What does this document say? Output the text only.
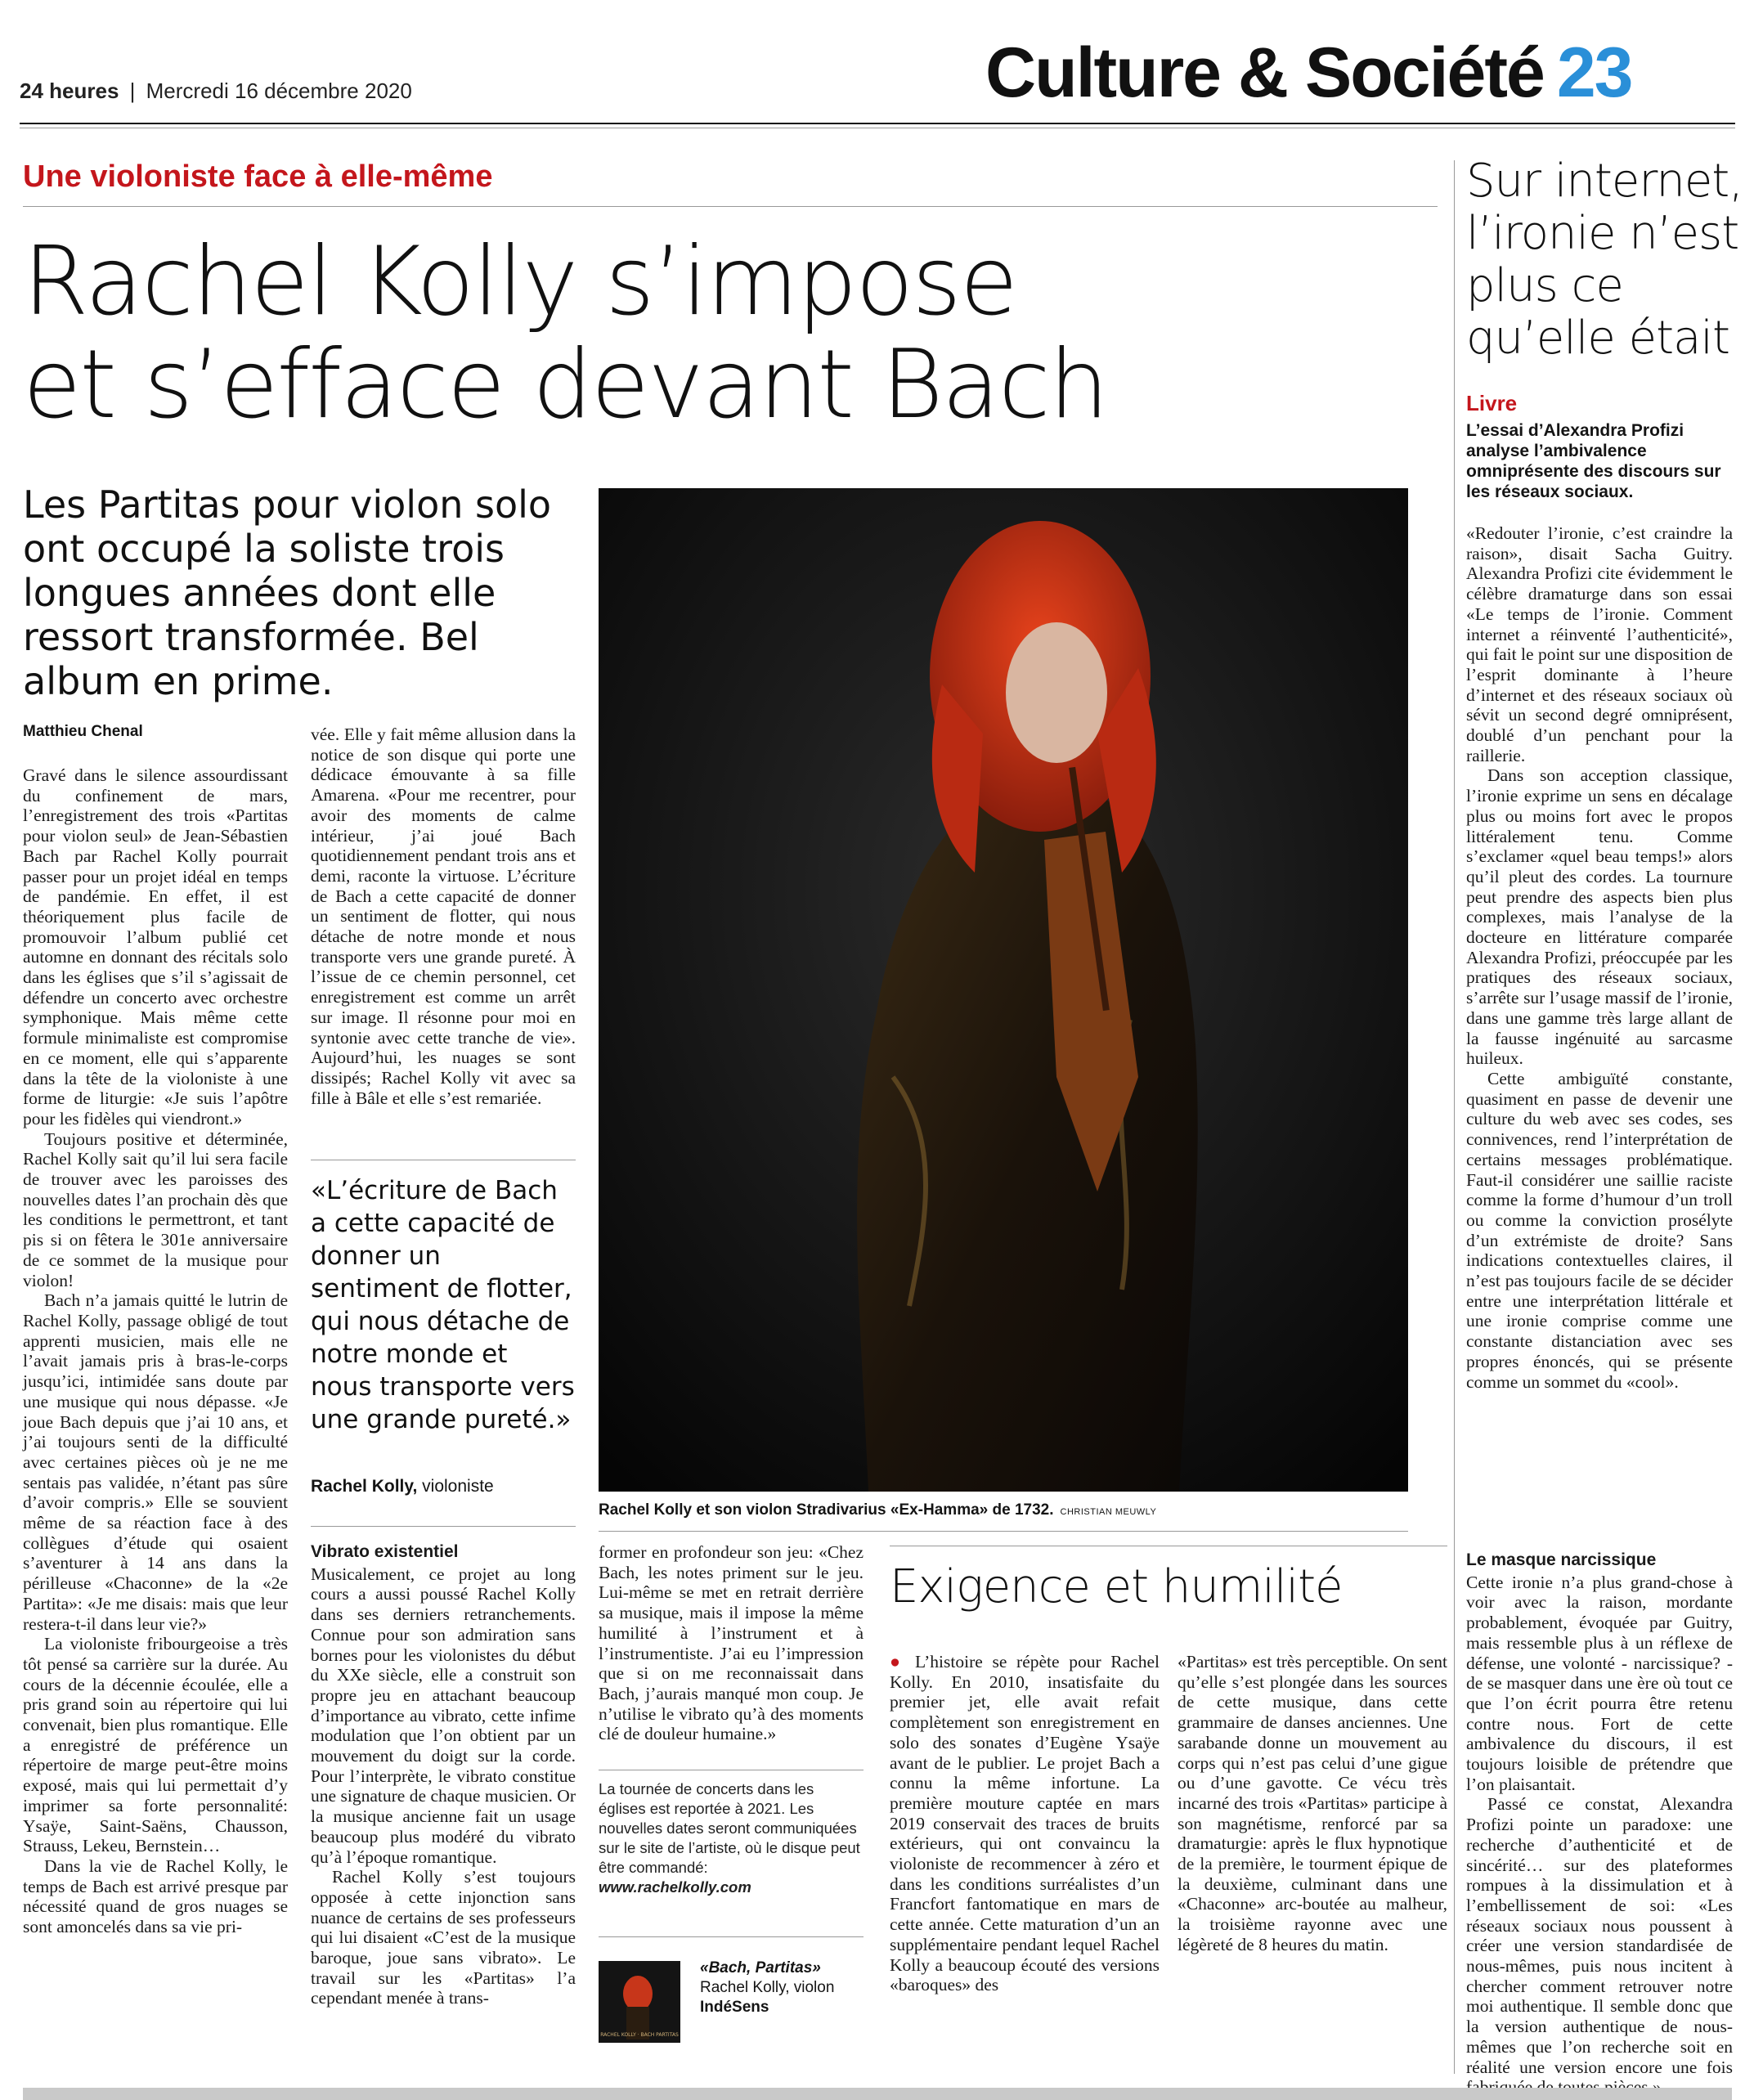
24 heures | Mercredi 16 décembre 2020	Culture & Société 23
Une violoniste face à elle-même
Rachel Kolly s’impose
et s’efface devant Bach
Les Partitas pour violon solo ont occupé la soliste trois longues années dont elle ressort transformée. Bel album en prime.
Matthieu Chenal

Gravé dans le silence assourdissant du confinement de mars, l’enregistrement des trois «Partitas pour violon seul» de Jean-Sébastien Bach par Rachel Kolly pourrait passer pour un projet idéal en temps de pandémie. En effet, il est théoriquement plus facile de promouvoir l’album publié cet automne en donnant des récitals solo dans les églises que s’il s’agissait de défendre un concerto avec orchestre symphonique. Mais même cette formule minimaliste est compromise en ce moment, elle qui s’apparente dans la tête de la violoniste à une forme de liturgie: «Je suis l’apôtre pour les fidèles qui viendront.»

Toujours positive et déterminée, Rachel Kolly sait qu’il lui sera facile de trouver avec les paroisses des nouvelles dates l’an prochain dès que les conditions le permettront, et tant pis si on fêtera le 301e anniversaire de ce sommet de la musique pour violon!

Bach n’a jamais quitté le lutrin de Rachel Kolly, passage obligé de tout apprenti musicien, mais elle ne l’avait jamais pris à bras-le-corps jusqu’ici, intimidée sans doute par une musique qui nous dépasse. «Je joue Bach depuis que j’ai 10 ans, et j’ai toujours senti de la difficulté avec certaines pièces où je ne me sentais pas validée, n’étant pas sûre d’avoir compris.» Elle se souvient même de sa réaction face à des collègues d’étude qui osaient s’aventurer à 14 ans dans la périlleuse «Chaconne» de la «2e Partita»: «Je me disais: mais que leur restera-t-il dans leur vie?»

La violoniste fribourgeoise a très tôt pensé sa carrière sur la durée. Au cours de la décennie écoulée, elle a pris grand soin au répertoire qui lui convenait, bien plus romantique. Elle a enregistré de préférence un répertoire de marge peut-être moins exposé, mais qui lui permettait d’y imprimer sa forte personnalité: Ysaÿe, Saint-Saëns, Chausson, Strauss, Lekeu, Bernstein…

Dans la vie de Rachel Kolly, le temps de Bach est arrivé presque par nécessité quand de gros nuages se sont amoncelés dans sa vie pri-

vée. Elle y fait même allusion dans la notice de son disque qui porte une dédicace émouvante à sa fille Amarena. «Pour me recentrer, pour avoir des moments de calme intérieur, j’ai joué Bach quotidiennement pendant trois ans et demi, raconte la virtuose. L’écriture de Bach a cette capacité de donner un sentiment de flotter, qui nous détache de notre monde et nous transporte vers une grande pureté. À l’issue de ce chemin personnel, cet enregistrement est comme un arrêt sur image. Il résonne pour moi en syntonie avec cette tranche de vie». Aujourd’hui, les nuages se sont dissipés; Rachel Kolly vit avec sa fille à Bâle et elle s’est remariée.

«L’écriture de Bach a cette capacité de donner un sentiment de flotter, qui nous détache de notre monde et nous transporte vers une grande pureté.»
Rachel Kolly, violoniste
Vibrato existentiel

Musicalement, ce projet au long cours a aussi poussé Rachel Kolly dans ses derniers retranchements. Connue pour son admiration sans bornes pour les violonistes du début du XXe siècle, elle a construit son propre jeu en attachant beaucoup d’importance au vibrato, cette infime modulation que l’on obtient par un mouvement du doigt sur la corde. Pour l’interprète, le vibrato constitue une signature de chaque musicien. Or la musique ancienne fait un usage beaucoup plus modéré du vibrato qu’à l’époque romantique.

Rachel Kolly s’est toujours opposée à cette injonction sans nuance de certains de ses professeurs qui lui disaient «C’est de la musique baroque, joue sans vibrato». Le travail sur les «Partitas» l’a cependant menée à trans-

Rachel Kolly et son violon Stradivarius «Ex-Hamma» de 1732. CHRISTIAN MEUWLY

former en profondeur son jeu: «Chez Bach, les notes priment sur le jeu. Lui-même se met en retrait derrière sa musique, mais il impose la même humilité à l’instrument et à l’instrumentiste. J’ai eu l’impression que si on me reconnaissait dans Bach, j’aurais manqué mon coup. Je n’utilise le vibrato qu’à des moments clé de douleur humaine.»

La tournée de concerts dans les églises est reportée à 2021. Les nouvelles dates seront communiquées sur le site de l’artiste, où le disque peut être commandé: www.rachelkolly.com
RACHEL KOLLY · BACH PARTITAS
«Bach, Partitas»
Rachel Kolly, violon
IndéSens
Exigence et humilité

● L’histoire se répète pour Rachel Kolly. En 2010, insatisfaite du premier jet, elle avait refait complètement son enregistrement en solo des sonates d’Eugène Ysaÿe avant de le publier. Le projet Bach a connu la même infortune. La première mouture captée en mars 2019 conservait des traces de bruits extérieurs, qui ont convaincu la violoniste de recommencer à zéro et dans les conditions surréalistes d’un Francfort fantomatique en mars de cette année. Cette maturation d’un an supplémentaire pendant lequel Rachel Kolly a beaucoup écouté des versions «baroques» des

«Partitas» est très perceptible. On sent qu’elle s’est plongée dans les sources de cette musique, dans cette grammaire de danses anciennes. Une sarabande donne un mouvement au corps qui n’est pas celui d’une gigue ou d’une gavotte. Ce vécu très incarné des trois «Partitas» participe à son magnétisme, renforcé par sa dramaturgie: après le flux hypnotique de la première, le tourment épique de la deuxième, culminant dans une «Chaconne» arc-boutée au malheur, la troisième rayonne avec une légèreté de 8 heures du matin.

Sur internet, l’ironie n’est plus ce qu’elle était
Livre
L’essai d’Alexandra Profizi analyse l’ambivalence omniprésente des discours sur les réseaux sociaux.

«Redouter l’ironie, c’est craindre la raison», disait Sacha Guitry. Alexandra Profizi cite évidemment le célèbre dramaturge dans son essai «Le temps de l’ironie. Comment internet a réinventé l’authenticité», qui fait le point sur une disposition de l’esprit dominante à l’heure d’internet et des réseaux sociaux où sévit un second degré omniprésent, doublé d’un penchant pour la raillerie.

Dans son acception classique, l’ironie exprime un sens en décalage plus ou moins fort avec le propos littéralement tenu. Comme s’exclamer «quel beau temps!» alors qu’il pleut des cordes. La tournure peut prendre des aspects bien plus complexes, mais l’analyse de la docteure en littérature comparée Alexandra Profizi, préoccupée par les pratiques des réseaux sociaux, s’arrête sur l’usage massif de l’ironie, dans une gamme très large allant de la fausse ingénuité au sarcasme huileux.

Cette ambiguïté constante, quasiment en passe de devenir une culture du web avec ses codes, ses connivences, rend l’interprétation de certains messages problématique. Faut-il considérer une saillie raciste comme la forme d’humour d’un troll ou comme la conviction prosélyte d’un extrémiste de droite? Sans indications contextuelles claires, il n’est pas toujours facile de se décider entre une interprétation littérale et une ironie comprise comme une constante distanciation avec ses propres énoncés, qui se présente comme un sommet du «cool».

Le masque narcissique

Cette ironie n’a plus grand-chose à voir avec la raison, mordante probablement, évoquée par Guitry, mais ressemble plus à un réflexe de défense, une volonté - narcissique? - de se masquer dans une ère où tout ce que l’on écrit pourra être retenu contre nous. Fort de cette ambivalence du discours, il est toujours loisible de prétendre que l’on plaisantait.

Passé ce constat, Alexandra Profizi pointe un paradoxe: une recherche d’authenticité et de sincérité… sur des plateformes rompues à la dissimulation et à l’embellissement de soi: «Les réseaux sociaux nous poussent à créer une version standardisée de nous-mêmes, puis nous incitent à chercher comment retrouver notre moi authentique. Il semble donc que la version authentique de nous-mêmes que l’on recherche soit en réalité une version encore une fois
